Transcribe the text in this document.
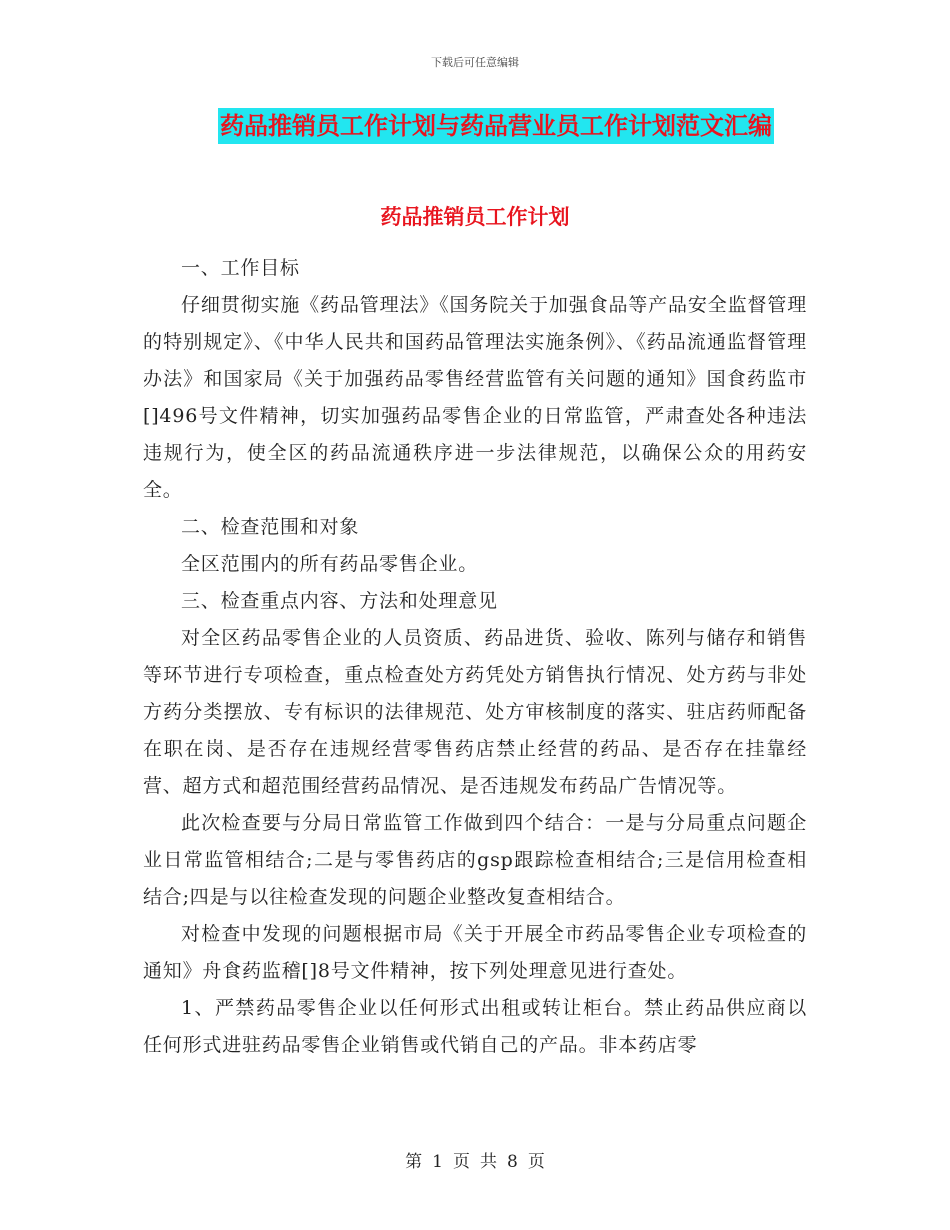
下载后可任意编辑
药品推销员工作计划与药品营业员工作计划范文汇编
药品推销员工作计划

一、工作目标

仔细贯彻实施《药品管理法》《国务院关于加强食品等产品安全监督管理的特别规定》、《中华人民共和国药品管理法实施条例》、《药品流通监督管理办法》和国家局《关于加强药品零售经营监管有关问题的通知》国食药监市[]496号文件精神，切实加强药品零售企业的日常监管，严肃查处各种违法违规行为，使全区的药品流通秩序进一步法律规范，以确保公众的用药安全。

二、检查范围和对象

全区范围内的所有药品零售企业。

三、检查重点内容、方法和处理意见

对全区药品零售企业的人员资质、药品进货、验收、陈列与储存和销售等环节进行专项检查，重点检查处方药凭处方销售执行情况、处方药与非处方药分类摆放、专有标识的法律规范、处方审核制度的落实、驻店药师配备在职在岗、是否存在违规经营零售药店禁止经营的药品、是否存在挂靠经营、超方式和超范围经营药品情况、是否违规发布药品广告情况等。

此次检查要与分局日常监管工作做到四个结合：一是与分局重点问题企业日常监管相结合;二是与零售药店的gsp跟踪检查相结合;三是信用检查相结合;四是与以往检查发现的问题企业整改复查相结合。

对检查中发现的问题根据市局《关于开展全市药品零售企业专项检查的通知》舟食药监稽[]8号文件精神，按下列处理意见进行查处。

1、严禁药品零售企业以任何形式出租或转让柜台。禁止药品供应商以任何形式进驻药品零售企业销售或代销自己的产品。非本药店零

第 1 页 共 8 页
